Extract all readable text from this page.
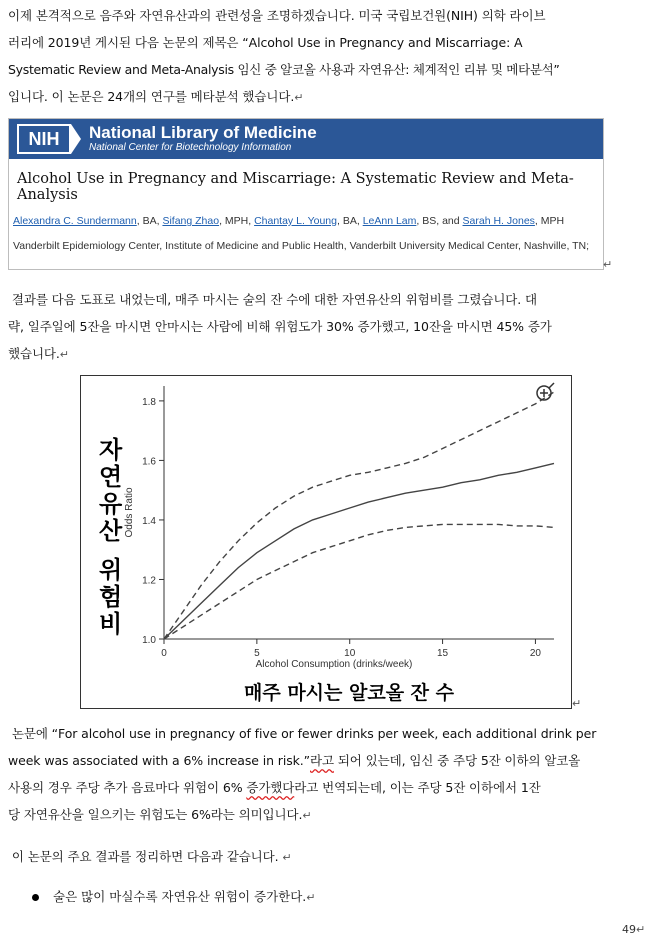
이제 본격적으로 음주와 자연유산과의 관련성을 조명하겠습니다. 미국 국립보건원(NIH) 의학 라이브

러리에 2019년 게시된 다음 논문의 제목은 “Alcohol Use in Pregnancy and Miscarriage: A

Systematic Review and Meta-Analysis 임신 중 알코올 사용과 자연유산: 체계적인 리뷰 및 메타분석”

입니다. 이 논문은 24개의 연구를 메타분석 했습니다.↵

NIH	National Library of Medicine
National Center for Biotechnology Information
Alcohol Use in Pregnancy and Miscarriage: A Systematic Review and Meta-Analysis
Alexandra C. Sundermann, BA, Sifang Zhao, MPH, Chantay L. Young, BA, LeAnn Lam, BS, and Sarah H. Jones, MPH
Vanderbilt Epidemiology Center, Institute of Medicine and Public Health, Vanderbilt University Medical Center, Nashville, TN;
↵

결과를 다음 도표로 내었는데, 매주 마시는 술의 잔 수에 대한 자연유산의 위험비를 그렸습니다. 대

략, 일주일에 5잔을 마시면 안마시는 사람에 비해 위험도가 30% 증가했고, 10잔을 마시면 45% 증가

했습니다.↵

1.0
1.2
1.4
1.6
1.8
0	5	10	15	20
Alcohol Consumption (drinks/week)
Odds Ratio
자 연 유 산 위 험 비
매주 마시는 알코올 잔 수	↵

논문에 “For alcohol use in pregnancy of five or fewer drinks per week, each additional drink per

week was associated with a 6% increase in risk.”라고 되어 있는데, 임신 중 주당 5잔 이하의 알코올

사용의 경우 주당 추가 음료마다 위험이 6% 증가했다라고 번역되는데, 이는 주당 5잔 이하에서 1잔

당 자연유산을 일으키는 위험도는 6%라는 의미입니다.↵

이 논문의 주요 결과를 정리하면 다음과 같습니다. ↵

술은 많이 마실수록 자연유산 위험이 증가한다.↵
49↵
